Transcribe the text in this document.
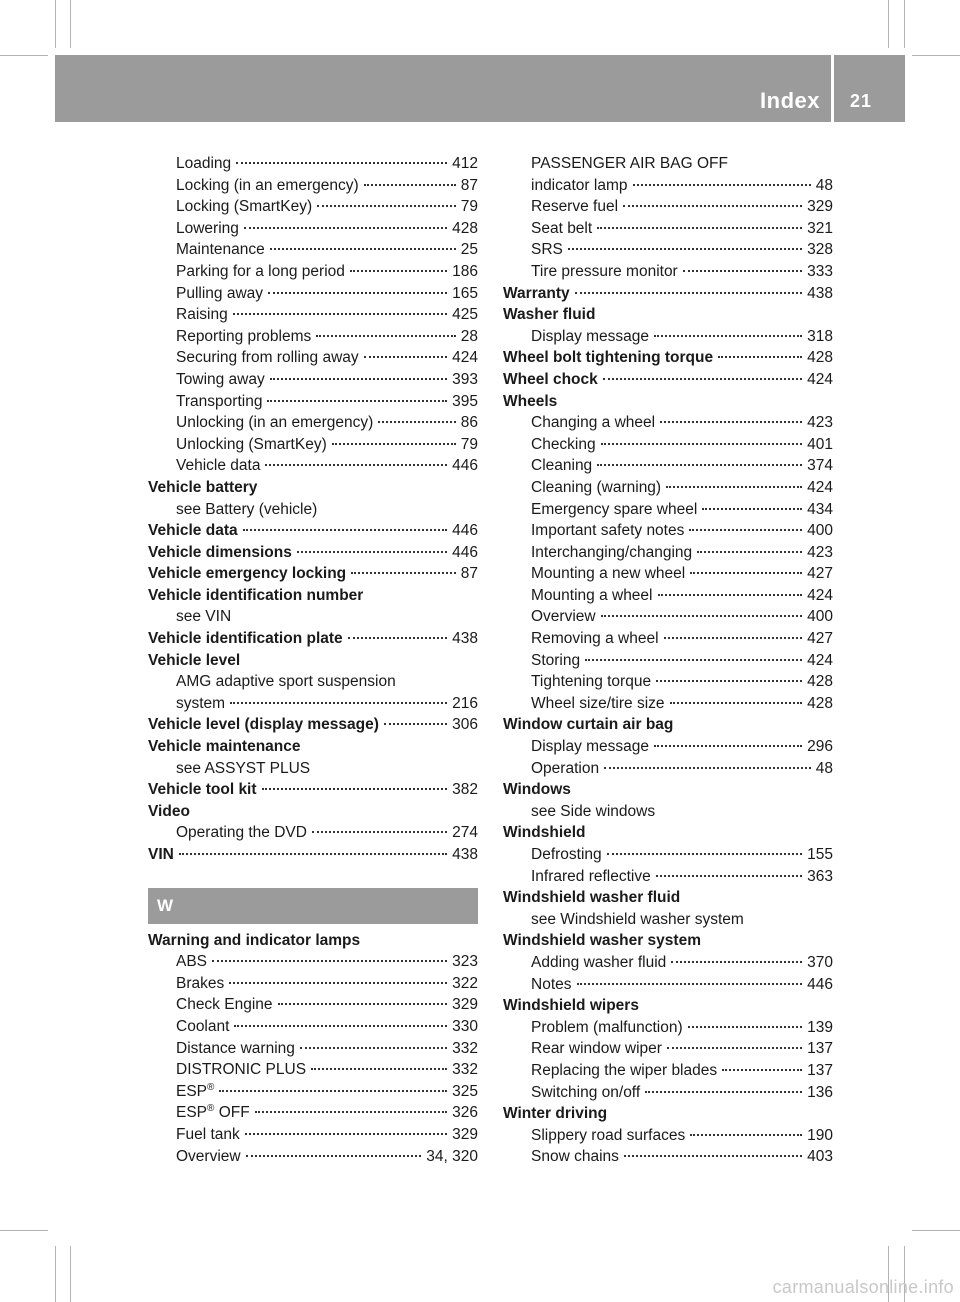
Index 21
Loading	412
Locking (in an emergency)	87
Locking (SmartKey)	79
Lowering	428
Maintenance	25
Parking for a long period	186
Pulling away	165
Raising	425
Reporting problems	28
Securing from rolling away	424
Towing away	393
Transporting	395
Unlocking (in an emergency)	86
Unlocking (SmartKey)	79
Vehicle data	446
Vehicle battery
see Battery (vehicle)
Vehicle data	446
Vehicle dimensions	446
Vehicle emergency locking	87
Vehicle identification number
see VIN
Vehicle identification plate	438
Vehicle level
AMG adaptive sport suspension
system	216
Vehicle level (display message)	306
Vehicle maintenance
see ASSYST PLUS
Vehicle tool kit	382
Video
Operating the DVD	274
VIN	438
W
Warning and indicator lamps
ABS	323
Brakes	322
Check Engine	329
Coolant	330
Distance warning	332
DISTRONIC PLUS	332
ESP®	325
ESP® OFF	326
Fuel tank	329
Overview	34, 320
PASSENGER AIR BAG OFF
indicator lamp	48
Reserve fuel	329
Seat belt	321
SRS	328
Tire pressure monitor	333
Warranty	438
Washer fluid
Display message	318
Wheel bolt tightening torque	428
Wheel chock	424
Wheels
Changing a wheel	423
Checking	401
Cleaning	374
Cleaning (warning)	424
Emergency spare wheel	434
Important safety notes	400
Interchanging/changing	423
Mounting a new wheel	427
Mounting a wheel	424
Overview	400
Removing a wheel	427
Storing	424
Tightening torque	428
Wheel size/tire size	428
Window curtain air bag
Display message	296
Operation	48
Windows
see Side windows
Windshield
Defrosting	155
Infrared reflective	363
Windshield washer fluid
see Windshield washer system
Windshield washer system
Adding washer fluid	370
Notes	446
Windshield wipers
Problem (malfunction)	139
Rear window wiper	137
Replacing the wiper blades	137
Switching on/off	136
Winter driving
Slippery road surfaces	190
Snow chains	403
carmanualsonline.info
